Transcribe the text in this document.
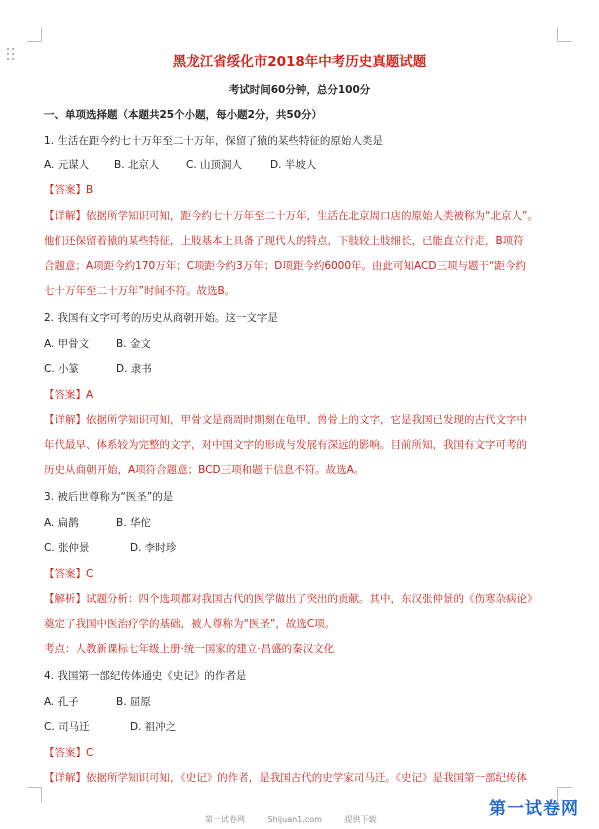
黑龙江省绥化市2018年中考历史真题试题
考试时间60分钟，总分100分
一、单项选择题（本题共25个小题，每小题2分，共50分）
1. 生活在距今约七十万年至二十万年，保留了猿的某些特征的原始人类是
A. 元谋人 B. 北京人	C. 山顶洞人	D. 半坡人
【答案】B
【详解】依据所学知识可知，距今约七十万年至二十万年，生活在北京周口店的原始人类被称为“北京人”。
他们还保留着猿的某些特征，上肢基本上具备了现代人的特点，下肢较上肢细长，已能直立行走，B项符
合题意；A项距今约170万年；C项距今约3万年；D项距今约6000年。由此可知ACD三项与题干“距今约
七十万年至二十万年”时间不符。故选B。
2. 我国有文字可考的历史从商朝开始。这一文字是
A. 甲骨文	B. 金文
C. 小篆	D. 隶书
【答案】A
【详解】依据所学知识可知，甲骨文是商周时期刻在龟甲、兽骨上的文字，它是我国已发现的古代文字中
年代最早、体系较为完整的文字，对中国文字的形成与发展有深远的影响。目前所知，我国有文字可考的
历史从商朝开始，A项符合题意；BCD三项和题干信息不符。故选A。
3. 被后世尊称为“医圣”的是
A. 扁鹊	B. 华佗
C. 张仲景	D. 李时珍
【答案】C
【解析】试题分析：四个选项都对我国古代的医学做出了突出的贡献。其中，东汉张仲景的《伤寒杂病论》
奠定了我国中医治疗学的基础，被人尊称为“医圣”，故选C项。
考点：人教新课标七年级上册·统一国家的建立·昌盛的秦汉文化
4. 我国第一部纪传体通史《史记》的作者是
A. 孔子	B. 屈原
C. 司马迁	D. 祖冲之
【答案】C
【详解】依据所学知识可知，《史记》的作者，是我国古代的史学家司马迁。《史记》是我国第一部纪传体
第一试卷网	Shijuan1.com	提供下载
第一试卷网
